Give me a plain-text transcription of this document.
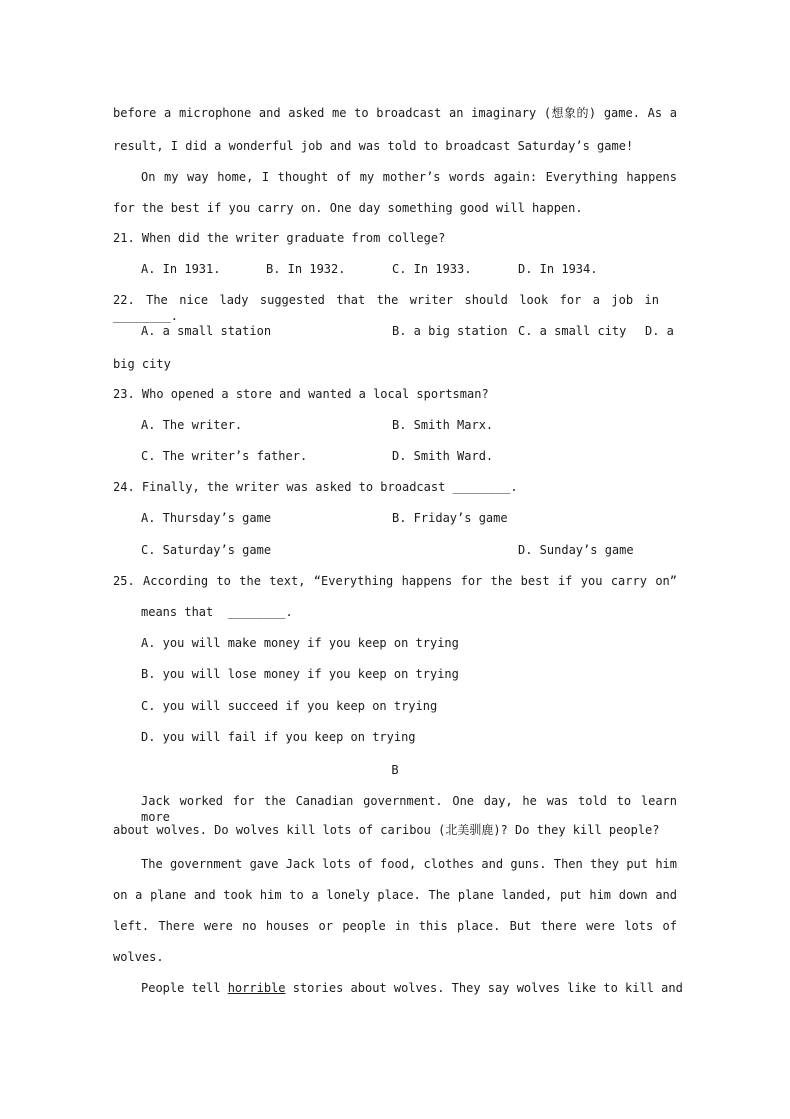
before a microphone and asked me to broadcast an imaginary (想象的) game. As a
result, I did a wonderful job and was told to broadcast Saturday’s game!
On my way home, I thought of my mother’s words again: Everything happens
for the best if you carry on. One day something good will happen.
21. When did the writer graduate from college?
A. In 1931.	B. In 1932.	C. In 1933.	D. In 1934.
22. The nice lady suggested that the writer should look for a job in ________.
A. a small station	B. a big station C. a small city D. a
big city
23. Who opened a store and wanted a local sportsman?
A. The writer.	B. Smith Marx.
C. The writer’s father.	D. Smith Ward.
24. Finally, the writer was asked to broadcast ________.
A. Thursday’s game	B. Friday’s game
C. Saturday’s game	D. Sunday’s game
25. According to the text, “Everything happens for the best if you carry on”
means that  ________.
A. you will make money if you keep on trying
B. you will lose money if you keep on trying
C. you will succeed if you keep on trying
D. you will fail if you keep on trying
B
Jack worked for the Canadian government. One day, he was told to learn more
about wolves. Do wolves kill lots of caribou (北美驯鹿)? Do they kill people?
The government gave Jack lots of food, clothes and guns. Then they put him
on a plane and took him to a lonely place. The plane landed, put him down and
left. There were no houses or people in this place. But there were lots of
wolves.
People tell horrible stories about wolves. They say wolves like to kill and
